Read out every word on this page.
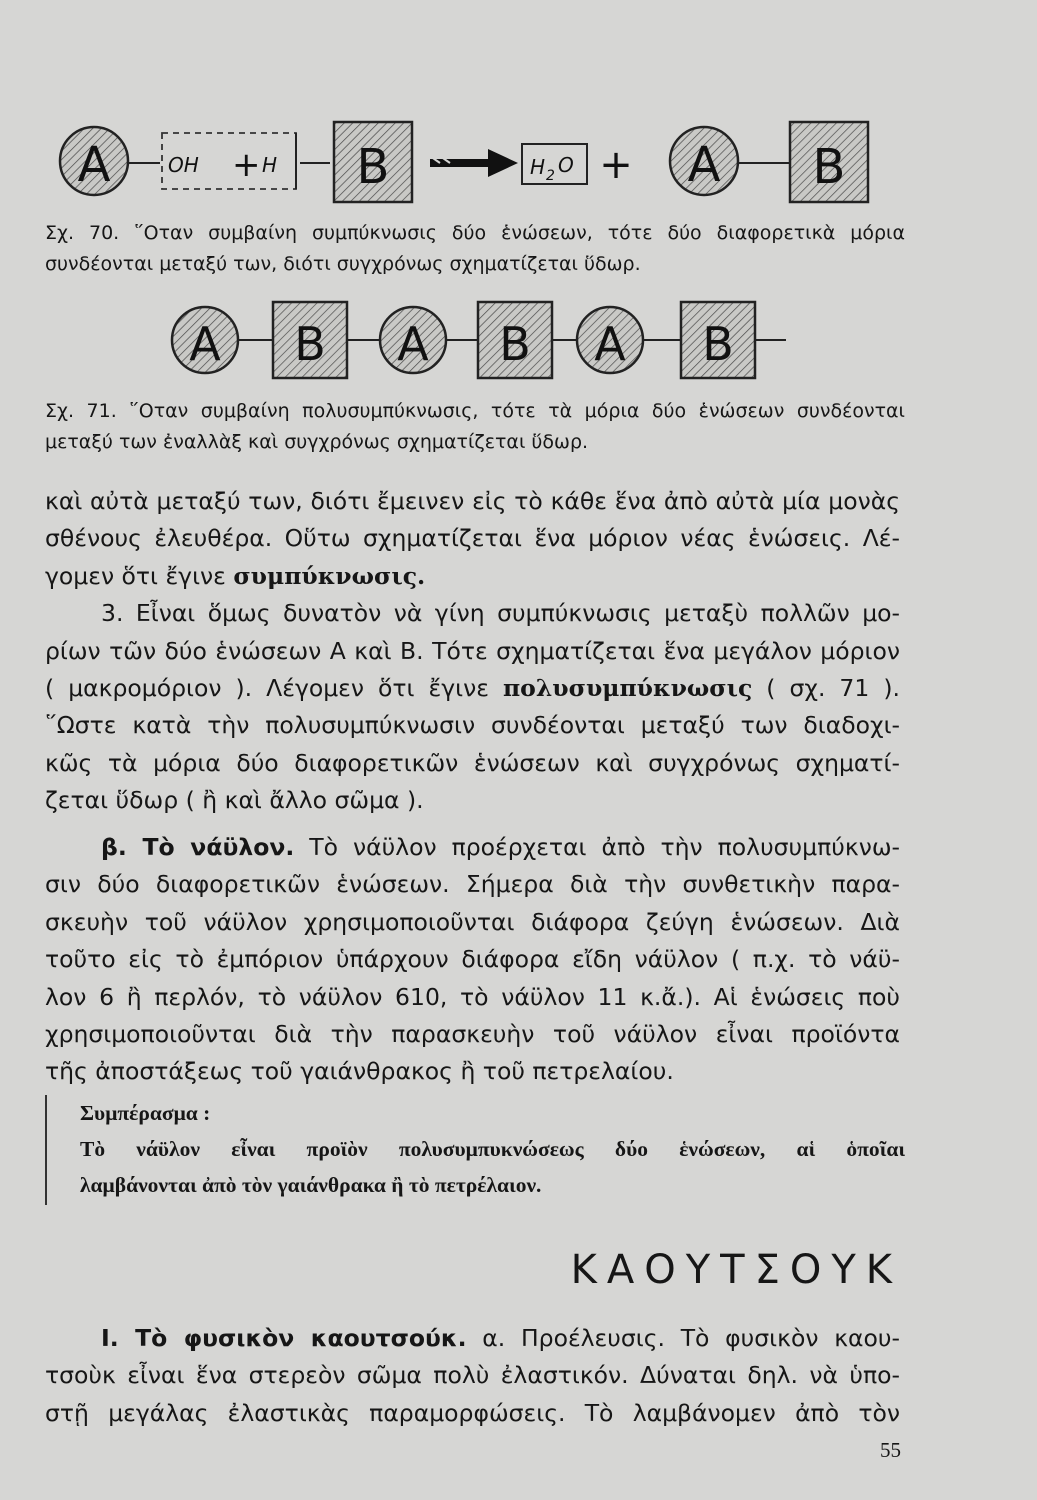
A	OH + H B	H 2 O + A B
A B A B A B
Σχ. 70. ῞Οταν συμβαίνη συμπύκνωσις δύο ἑνώσεων, τότε δύο διαφορετικὰ μόρια
συνδέονται μεταξύ των, διότι συγχρόνως σχηματίζεται ὕδωρ.
Σχ. 71. ῞Οταν συμβαίνη πολυσυμπύκνωσις, τότε τὰ μόρια δύο ἑνώσεων συνδέονται
μεταξύ των ἐναλλὰξ καὶ συγχρόνως σχηματίζεται ὕδωρ.
καὶ αὐτὰ μεταξύ των, διότι ἔμεινεν εἰς τὸ κάθε ἕνα ἀπὸ αὐτὰ μία μονὰς
σθένους ἐλευθέρα. Οὕτω σχηματίζεται ἕνα μόριον νέας ἑνώσεις. Λέ-
γομεν ὅτι ἔγινε συμπύκνωσις.
3. Εἶναι ὅμως δυνατὸν νὰ γίνη συμπύκνωσις μεταξὺ πολλῶν μο-
ρίων τῶν δύο ἑνώσεων Α καὶ Β. Τότε σχηματίζεται ἕνα μεγάλον μόριον
( μακρομόριον ). Λέγομεν ὅτι ἔγινε πολυσυμπύκνωσις ( σχ. 71 ).
῞Ωστε κατὰ τὴν πολυσυμπύκνωσιν συνδέονται μεταξύ των διαδοχι-
κῶς τὰ μόρια δύο διαφορετικῶν ἑνώσεων καὶ συγχρόνως σχηματί-
ζεται ὕδωρ ( ἢ καὶ ἄλλο σῶμα ).
β. Τὸ νάϋλον. Τὸ νάϋλον προέρχεται ἀπὸ τὴν πολυσυμπύκνω-
σιν δύο διαφορετικῶν ἑνώσεων. Σήμερα διὰ τὴν συνθετικὴν παρα-
σκευὴν τοῦ νάϋλον χρησιμοποιοῦνται διάφορα ζεύγη ἑνώσεων. Διὰ
τοῦτο εἰς τὸ ἐμπόριον ὑπάρχουν διάφορα εἴδη νάϋλον ( π.χ. τὸ νάϋ-
λον 6 ἢ περλόν, τὸ νάϋλον 610, τὸ νάϋλον 11 κ.ἄ.). Αἱ ἑνώσεις ποὺ
χρησιμοποιοῦνται διὰ τὴν παρασκευὴν τοῦ νάϋλον εἶναι προϊόντα
τῆς ἀποστάξεως τοῦ γαιάνθρακος ἢ τοῦ πετρελαίου.
Συμπέρασμα :
Τὸ νάϋλον εἶναι προϊὸν πολυσυμπυκνώσεως δύο ἑνώσεων, αἱ ὁποῖαι
λαμβάνονται ἀπὸ τὸν γαιάνθρακα ἢ τὸ πετρέλαιον.
ΚΑΟΥΤΣΟΥΚ
Ι. Τὸ φυσικὸν καουτσούκ. α. Προέλευσις. Τὸ φυσικὸν καου-
τσοὺκ εἶναι ἕνα στερεὸν σῶμα πολὺ ἐλαστικόν. Δύναται δηλ. νὰ ὑπο-
στῇ μεγάλας ἐλαστικὰς παραμορφώσεις. Τὸ λαμβάνομεν ἀπὸ τὸν
55
